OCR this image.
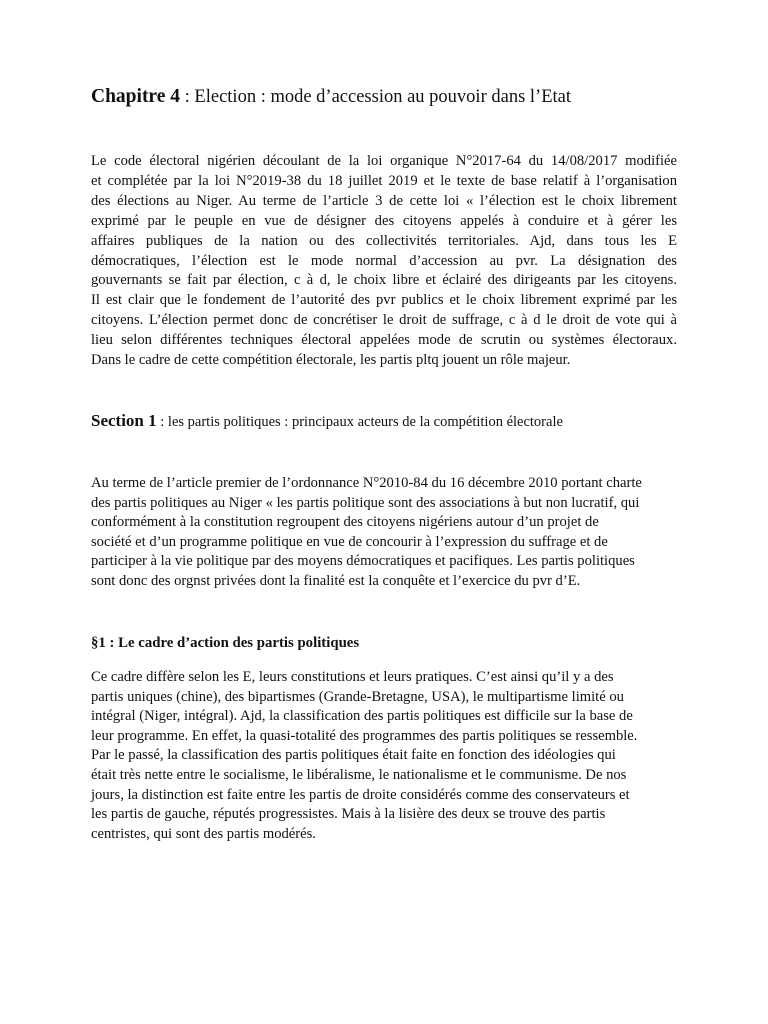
Chapitre 4 : Election : mode d’accession au pouvoir dans l’Etat

Le code électoral nigérien découlant de la loi organique N°2017-64 du 14/08/2017 modifiée
et complétée par la loi N°2019-38 du 18 juillet 2019 et le texte de base relatif à l’organisation
des élections au Niger. Au terme de l’article 3 de cette loi « l’élection est le choix librement
exprimé par le peuple en vue de désigner des citoyens appelés à conduire et à gérer les
affaires publiques de la nation ou des collectivités territoriales. Ajd, dans tous les E
démocratiques, l’élection est le mode normal d’accession au pvr. La désignation des
gouvernants se fait par élection, c à d, le choix libre et éclairé des dirigeants par les citoyens.
Il est clair que le fondement de l’autorité des pvr publics et le choix librement exprimé par les
citoyens. L’élection permet donc de concrétiser le droit de suffrage, c à d le droit de vote qui à
lieu selon différentes techniques électoral appelées mode de scrutin ou systèmes électoraux.
Dans le cadre de cette compétition électorale, les partis pltq jouent un rôle majeur.

Section 1 : les partis politiques : principaux acteurs de la compétition électorale

Au terme de l’article premier de l’ordonnance N°2010-84 du 16 décembre 2010 portant charte
des partis politiques au Niger « les partis politique sont des associations à but non lucratif, qui
conformément à la constitution regroupent des citoyens nigériens autour d’un projet de
société et d’un programme politique en vue de concourir à l’expression du suffrage et de
participer à la vie politique par des moyens démocratiques et pacifiques. Les partis politiques
sont donc des orgnst privées dont la finalité est la conquête et l’exercice du pvr d’E.

§1 : Le cadre d’action des partis politiques

Ce cadre diffère selon les E, leurs constitutions et leurs pratiques. C’est ainsi qu’il y a des
partis uniques (chine), des bipartismes (Grande-Bretagne, USA), le multipartisme limité ou
intégral (Niger, intégral). Ajd, la classification des partis politiques est difficile sur la base de
leur programme. En effet, la quasi-totalité des programmes des partis politiques se ressemble.
Par le passé, la classification des partis politiques était faite en fonction des idéologies qui
était très nette entre le socialisme, le libéralisme, le nationalisme et le communisme. De nos
jours, la distinction est faite entre les partis de droite considérés comme des conservateurs et
les partis de gauche, réputés progressistes. Mais à la lisière des deux se trouve des partis
centristes, qui sont des partis modérés.
